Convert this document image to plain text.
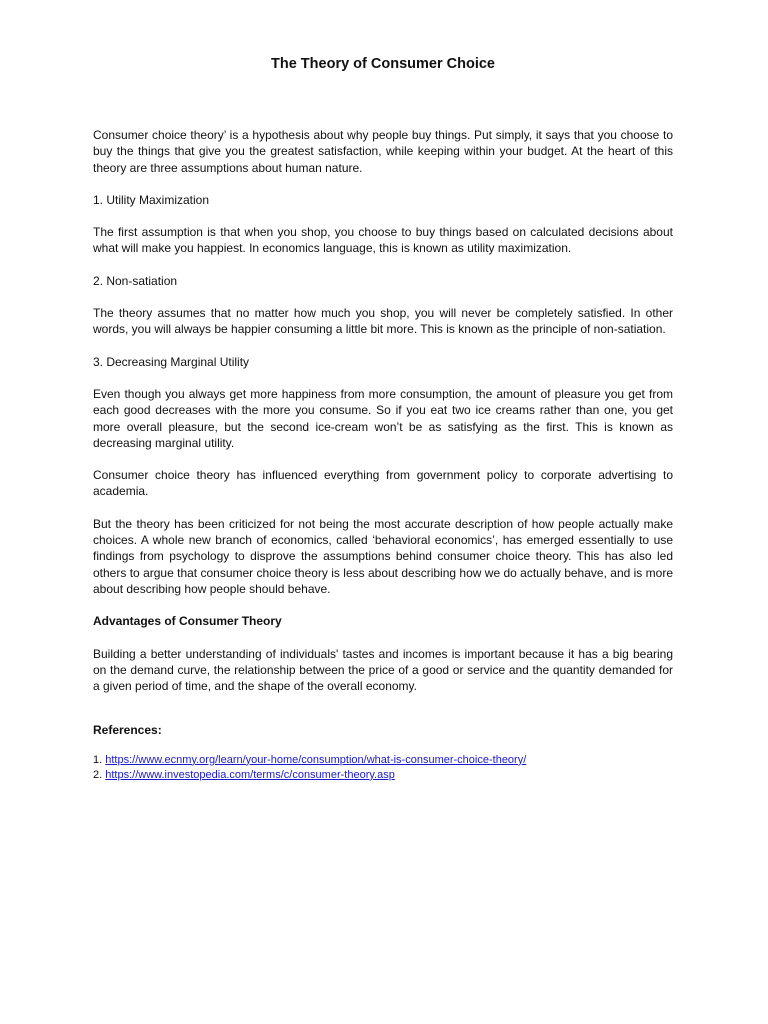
The Theory of Consumer Choice

Consumer choice theory’ is a hypothesis about why people buy things. Put simply, it says that you choose to buy the things that give you the greatest satisfaction, while keeping within your budget. At the heart of this theory are three assumptions about human nature.

1. Utility Maximization

The first assumption is that when you shop, you choose to buy things based on calculated decisions about what will make you happiest. In economics language, this is known as utility maximization.

2. Non-satiation

The theory assumes that no matter how much you shop, you will never be completely satisfied. In other words, you will always be happier consuming a little bit more. This is known as the principle of non-satiation.

3. Decreasing Marginal Utility

Even though you always get more happiness from more consumption, the amount of pleasure you get from each good decreases with the more you consume. So if you eat two ice creams rather than one, you get more overall pleasure, but the second ice-cream won’t be as satisfying as the first. This is known as decreasing marginal utility.

Consumer choice theory has influenced everything from government policy to corporate advertising to academia.

But the theory has been criticized for not being the most accurate description of how people actually make choices. A whole new branch of economics, called ‘behavioral economics’, has emerged essentially to use findings from psychology to disprove the assumptions behind consumer choice theory. This has also led others to argue that consumer choice theory is less about describing how we do actually behave, and is more about describing how people should behave.

Advantages of Consumer Theory

Building a better understanding of individuals' tastes and incomes is important because it has a big bearing on the demand curve, the relationship between the price of a good or service and the quantity demanded for a given period of time, and the shape of the overall economy.

References:
1. https://www.ecnmy.org/learn/your-home/consumption/what-is-consumer-choice-theory/
2. https://www.investopedia.com/terms/c/consumer-theory.asp
